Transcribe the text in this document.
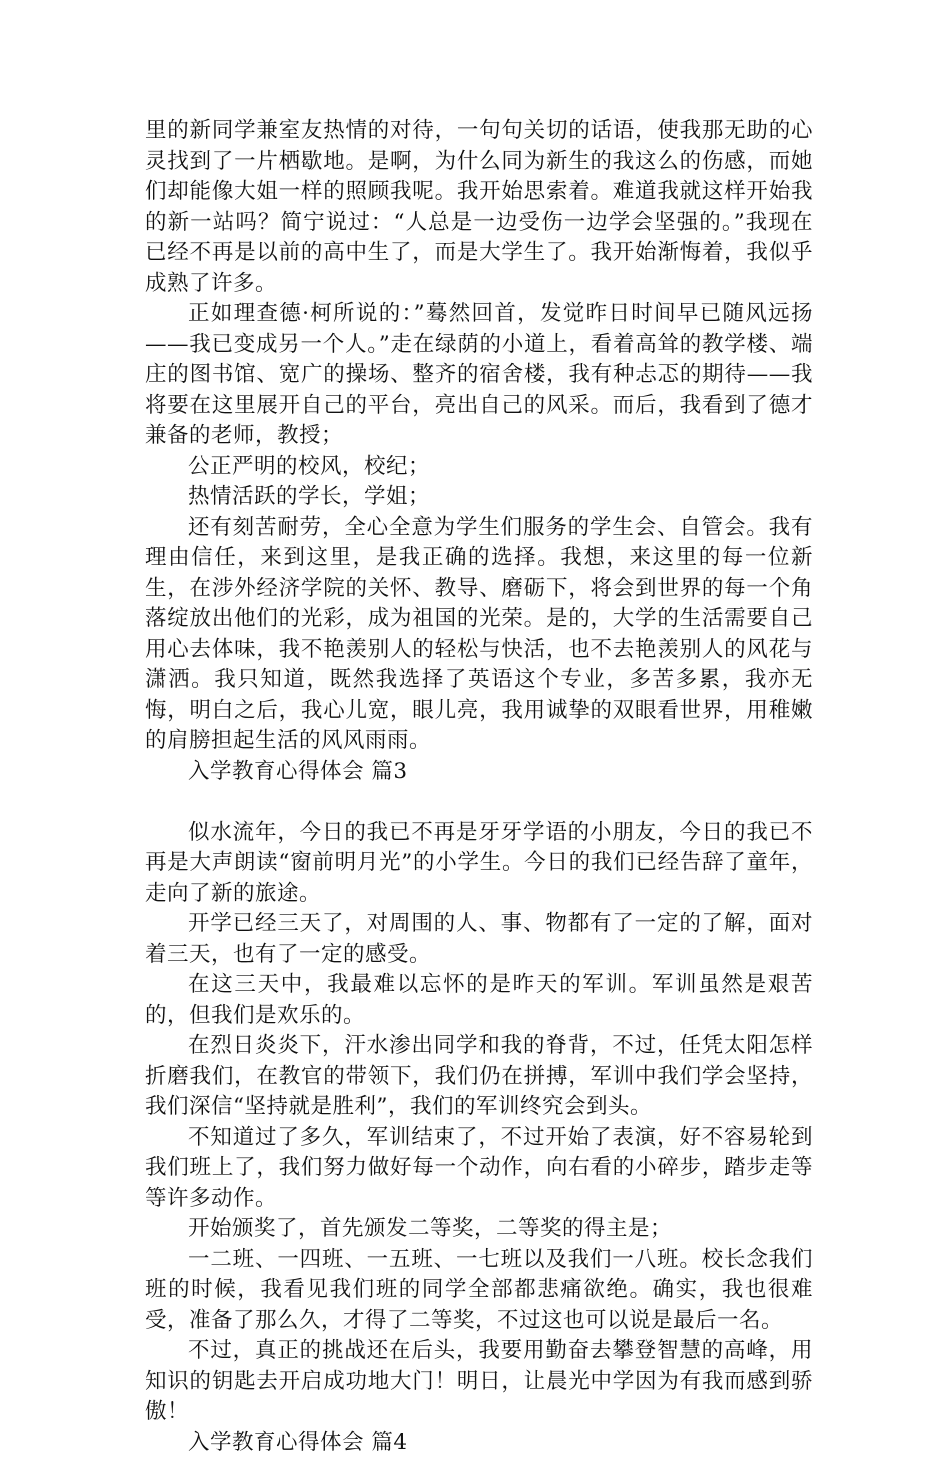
里的新同学兼室友热情的对待，一句句关切的话语，使我那无助的心灵找到了一片栖歇地。是啊，为什么同为新生的我这么的伤感，而她们却能像大姐一样的照顾我呢。我开始思索着。难道我就这样开始我的新一站吗？简宁说过：“人总是一边受伤一边学会坚强的。”我现在已经不再是以前的高中生了，而是大学生了。我开始渐悔着，我似乎成熟了许多。

正如理查德·柯所说的：”蓦然回首，发觉昨日时间早已随风远扬——我已变成另一个人。”走在绿荫的小道上，看着高耸的教学楼、端庄的图书馆、宽广的操场、整齐的宿舍楼，我有种忐忑的期待——我将要在这里展开自己的平台，亮出自己的风采。而后，我看到了德才兼备的老师，教授；

公正严明的校风，校纪；

热情活跃的学长，学姐；

还有刻苦耐劳，全心全意为学生们服务的学生会、自管会。我有理由信任，来到这里，是我正确的选择。我想，来这里的每一位新生，在涉外经济学院的关怀、教导、磨砺下，将会到世界的每一个角落绽放出他们的光彩，成为祖国的光荣。是的，大学的生活需要自己用心去体味，我不艳羡别人的轻松与快活，也不去艳羡别人的风花与潇洒。我只知道，既然我选择了英语这个专业，多苦多累，我亦无悔，明白之后，我心儿宽，眼儿亮，我用诚挚的双眼看世界，用稚嫩的肩膀担起生活的风风雨雨。

入学教育心得体会 篇3

似水流年，今日的我已不再是牙牙学语的小朋友，今日的我已不再是大声朗读“窗前明月光”的小学生。今日的我们已经告辞了童年，走向了新的旅途。

开学已经三天了，对周围的人、事、物都有了一定的了解，面对着三天，也有了一定的感受。

在这三天中，我最难以忘怀的是昨天的军训。军训虽然是艰苦的，但我们是欢乐的。

在烈日炎炎下，汗水渗出同学和我的脊背，不过，任凭太阳怎样折磨我们，在教官的带领下，我们仍在拼搏，军训中我们学会坚持，我们深信“坚持就是胜利”，我们的军训终究会到头。

不知道过了多久，军训结束了，不过开始了表演，好不容易轮到我们班上了，我们努力做好每一个动作，向右看的小碎步，踏步走等等许多动作。

开始颁奖了，首先颁发二等奖，二等奖的得主是；

一二班、一四班、一五班、一七班以及我们一八班。校长念我们班的时候，我看见我们班的同学全部都悲痛欲绝。确实，我也很难受，准备了那么久，才得了二等奖，不过这也可以说是最后一名。

不过，真正的挑战还在后头，我要用勤奋去攀登智慧的高峰，用知识的钥匙去开启成功地大门！明日，让晨光中学因为有我而感到骄傲！

入学教育心得体会 篇4
